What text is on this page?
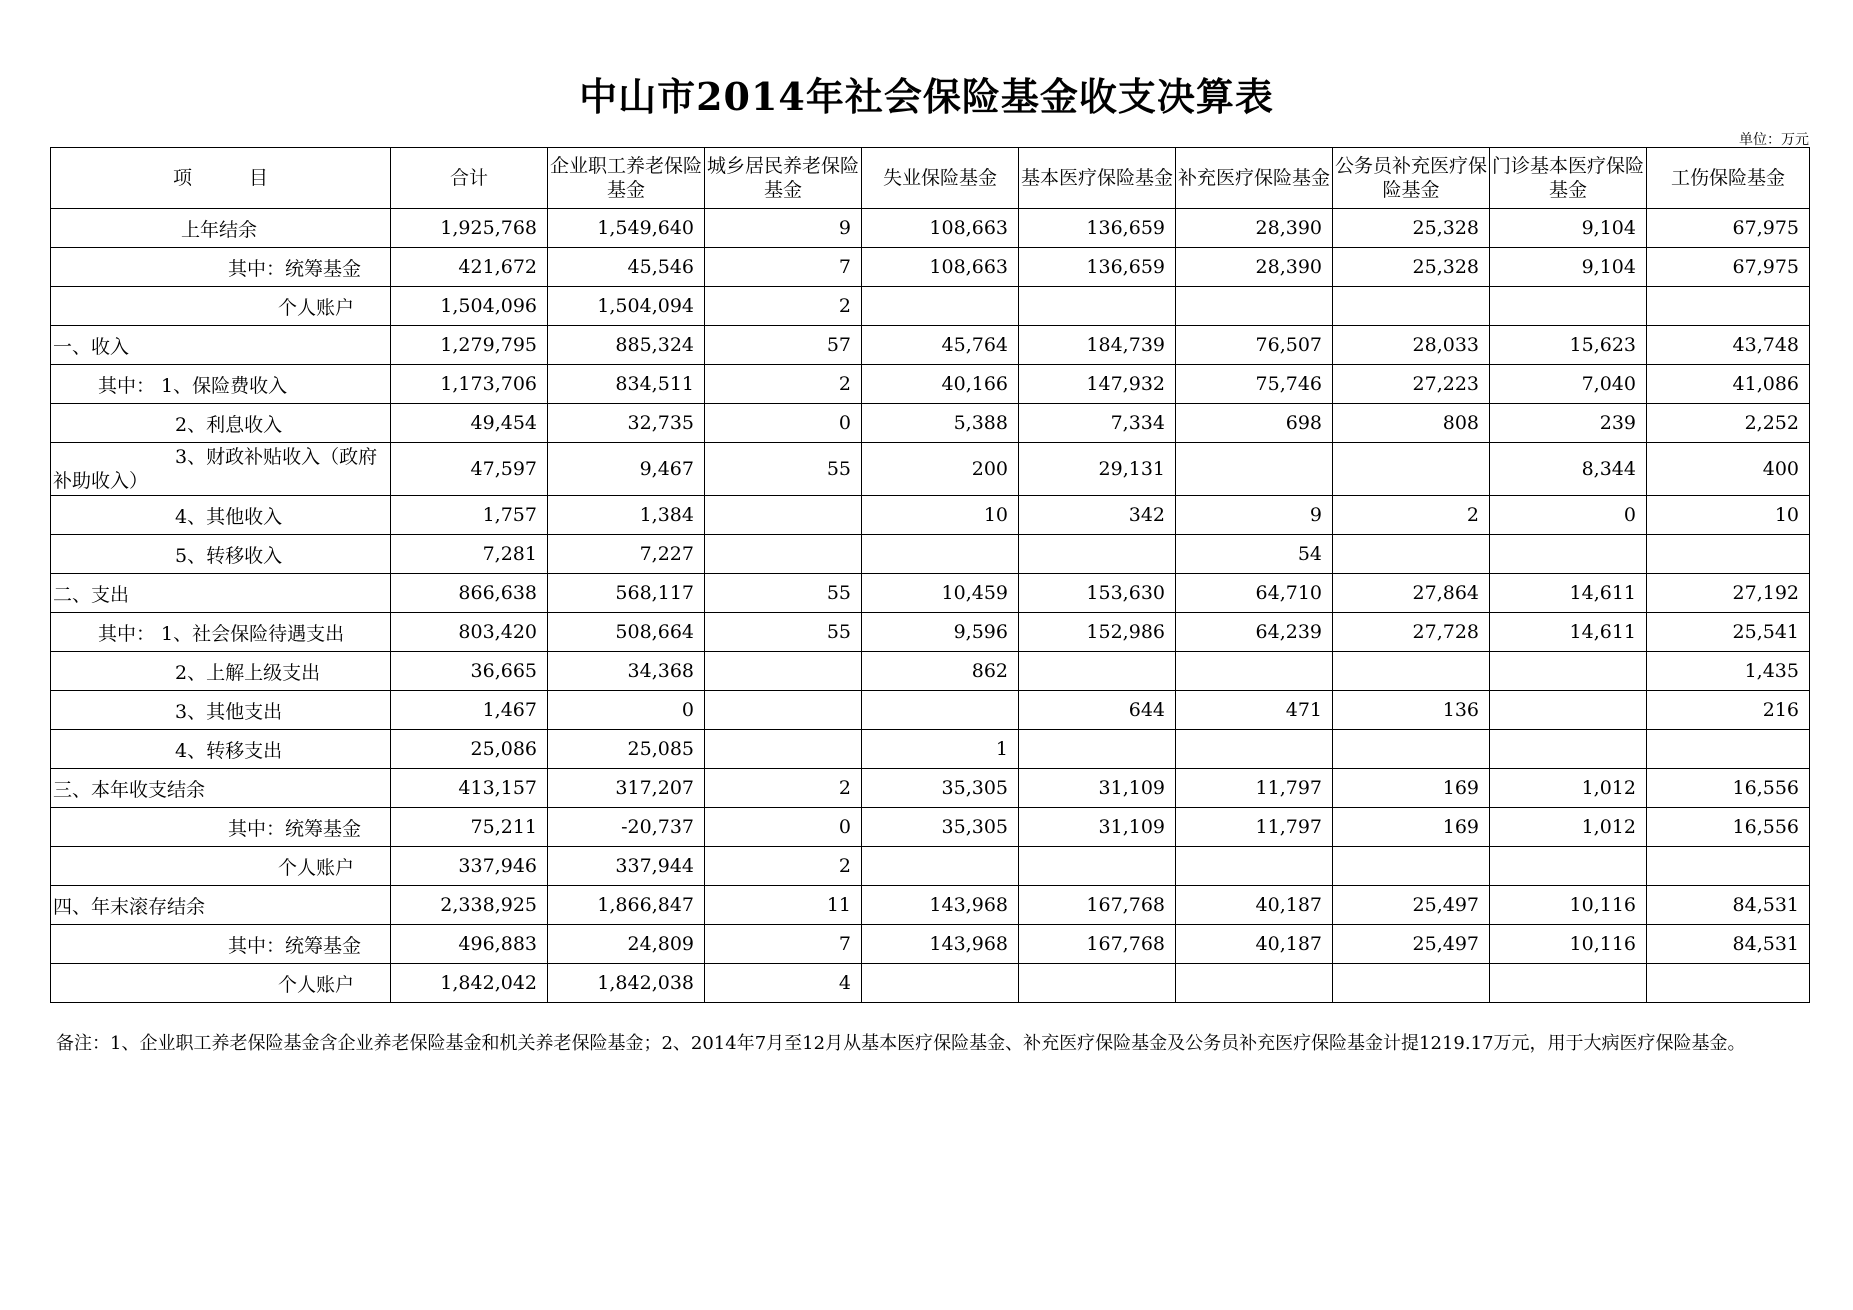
中山市2014年社会保险基金收支决算表
单位：万元
项　　　目	合计	企业职工养老保险基金	城乡居民养老保险基金	失业保险基金	基本医疗保险基金	补充医疗保险基金	公务员补充医疗保险基金	门诊基本医疗保险基金	工伤保险基金
上年结余	1,925,768	1,549,640	9	108,663	136,659	28,390	25,328	9,104	67,975
其中：统筹基金	421,672	45,546	7	108,663	136,659	28,390	25,328	9,104	67,975
个人账户	1,504,096	1,504,094	2						
一、收入	1,279,795	885,324	57	45,764	184,739	76,507	28,033	15,623	43,748
其中： 1、保险费收入	1,173,706	834,511	2	40,166	147,932	75,746	27,223	7,040	41,086
2、利息收入	49,454	32,735	0	5,388	7,334	698	808	239	2,252
3、财政补贴收入（政府补助收入）	47,597	9,467	55	200	29,131			8,344	400
4、其他收入	1,757	1,384		10	342	9	2	0	10
5、转移收入	7,281	7,227				54			
二、支出	866,638	568,117	55	10,459	153,630	64,710	27,864	14,611	27,192
其中： 1、社会保险待遇支出	803,420	508,664	55	9,596	152,986	64,239	27,728	14,611	25,541
2、上解上级支出	36,665	34,368		862					1,435
3、其他支出	1,467	0			644	471	136		216
4、转移支出	25,086	25,085		1					
三、本年收支结余	413,157	317,207	2	35,305	31,109	11,797	169	1,012	16,556
其中：统筹基金	75,211	-20,737	0	35,305	31,109	11,797	169	1,012	16,556
个人账户	337,946	337,944	2						
四、年末滚存结余	2,338,925	1,866,847	11	143,968	167,768	40,187	25,497	10,116	84,531
其中：统筹基金	496,883	24,809	7	143,968	167,768	40,187	25,497	10,116	84,531
个人账户	1,842,042	1,842,038	4						
备注：1、企业职工养老保险基金含企业养老保险基金和机关养老保险基金；2、2014年7月至12月从基本医疗保险基金、补充医疗保险基金及公务员补充医疗保险基金计提1219.17万元，用于大病医疗保险基金。
